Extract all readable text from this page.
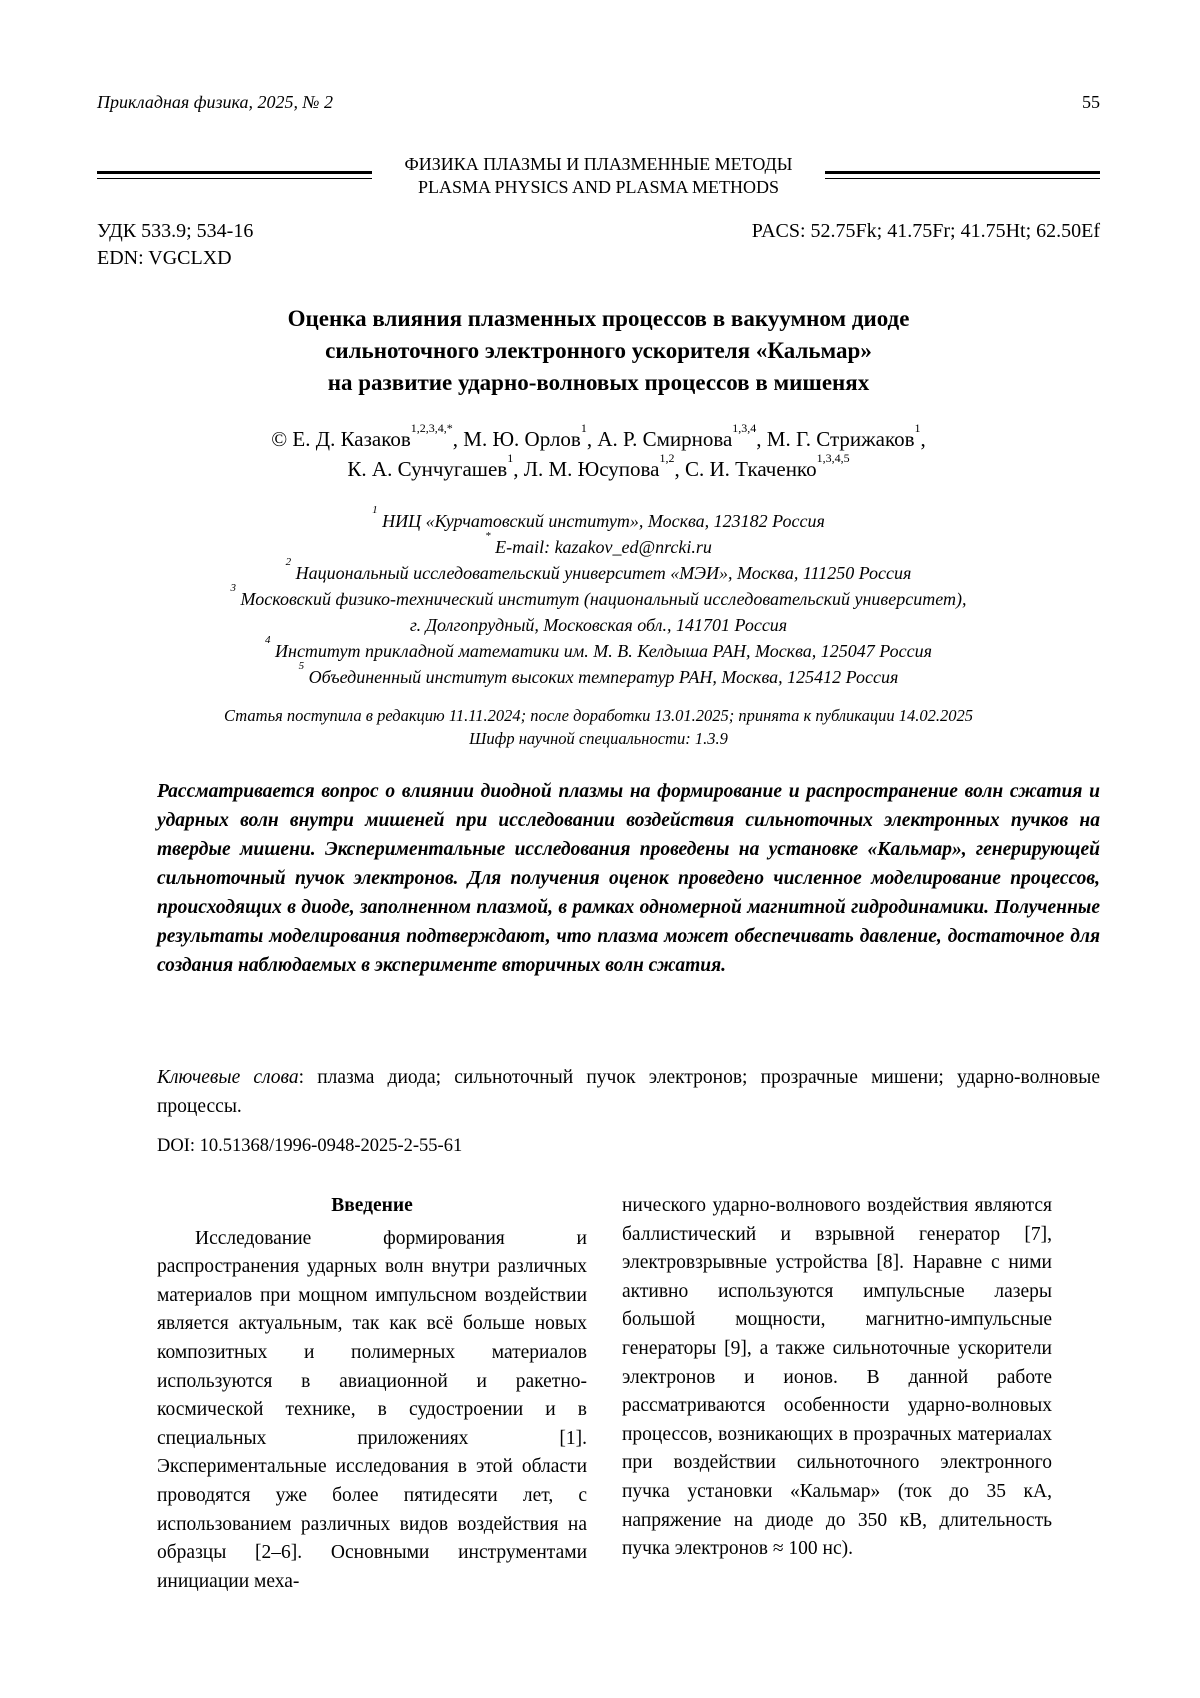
Прикладная физика, 2025, № 2	55
ФИЗИКА ПЛАЗМЫ И ПЛАЗМЕННЫЕ МЕТОДЫ
PLASMA PHYSICS AND PLASMA METHODS
УДК 533.9; 534-16
EDN: VGCLXD
PACS: 52.75Fk; 41.75Fr; 41.75Ht; 62.50Ef
Оценка влияния плазменных процессов в вакуумном диоде
сильноточного электронного ускорителя «Кальмар»
на развитие ударно-волновых процессов в мишенях
© Е. Д. Казаков$^{1,2,3,4,*}$, М. Ю. Орлов$^1$, А. Р. Смирнова$^{1,3,4}$, М. Г. Стрижаков$^1$,
К. А. Сунчугашев$^1$, Л. М. Юсупова$^{1,2}$, С. И. Ткаченко$^{1,3,4,5}$
$^1$ НИЦ «Курчатовский институт», Москва, 123182 Россия
* E-mail: kazakov_ed@nrcki.ru
$^2$ Национальный исследовательский университет «МЭИ», Москва, 111250 Россия
$^3$ Московский физико-технический институт (национальный исследовательский университет),
г. Долгопрудный, Московская обл., 141701 Россия
$^4$ Институт прикладной математики им. М. В. Келдыша РАН, Москва, 125047 Россия
$^5$ Объединенный институт высоких температур РАН, Москва, 125412 Россия
Статья поступила в редакцию 11.11.2024; после доработки 13.01.2025; принята к публикации 14.02.2025
Шифр научной специальности: 1.3.9
Рассматривается вопрос о влиянии диодной плазмы на формирование и распространение волн сжатия и ударных волн внутри мишеней при исследовании воздействия сильноточных электронных пучков на твердые мишени. Экспериментальные исследования проведены на установке «Кальмар», генерирующей сильноточный пучок электронов. Для получения оценок проведено численное моделирование процессов, происходящих в диоде, заполненном плазмой, в рамках одномерной магнитной гидродинамики. Полученные результаты моделирования подтверждают, что плазма может обеспечивать давление, достаточное для создания наблюдаемых в эксперименте вторичных волн сжатия.
Ключевые слова: плазма диода; сильноточный пучок электронов; прозрачные мишени; ударно-волновые процессы.
DOI: 10.51368/1996-0948-2025-2-55-61
Введение
Исследование формирования и распространения ударных волн внутри различных материалов при мощном импульсном воздействии является актуальным, так как всё больше новых композитных и полимерных материалов используются в авиационной и ракетно-космической технике, в судостроении и в специальных приложениях [1]. Экспериментальные исследования в этой области проводятся уже более пятидесяти лет, с использованием различных видов воздействия на образцы [2–6]. Основными инструментами инициации меха-
нического ударно-волнового воздействия являются баллистический и взрывной генератор [7], электровзрывные устройства [8]. Наравне с ними активно используются импульсные лазеры большой мощности, магнитно-импульсные генераторы [9], а также сильноточные ускорители электронов и ионов. В данной работе рассматриваются особенности ударно-волновых процессов, возникающих в прозрачных материалах при воздействии сильноточного электронного пучка установки «Кальмар» (ток до 35 кА, напряжение на диоде до 350 кВ, длительность пучка электронов ≈ 100 нс).
